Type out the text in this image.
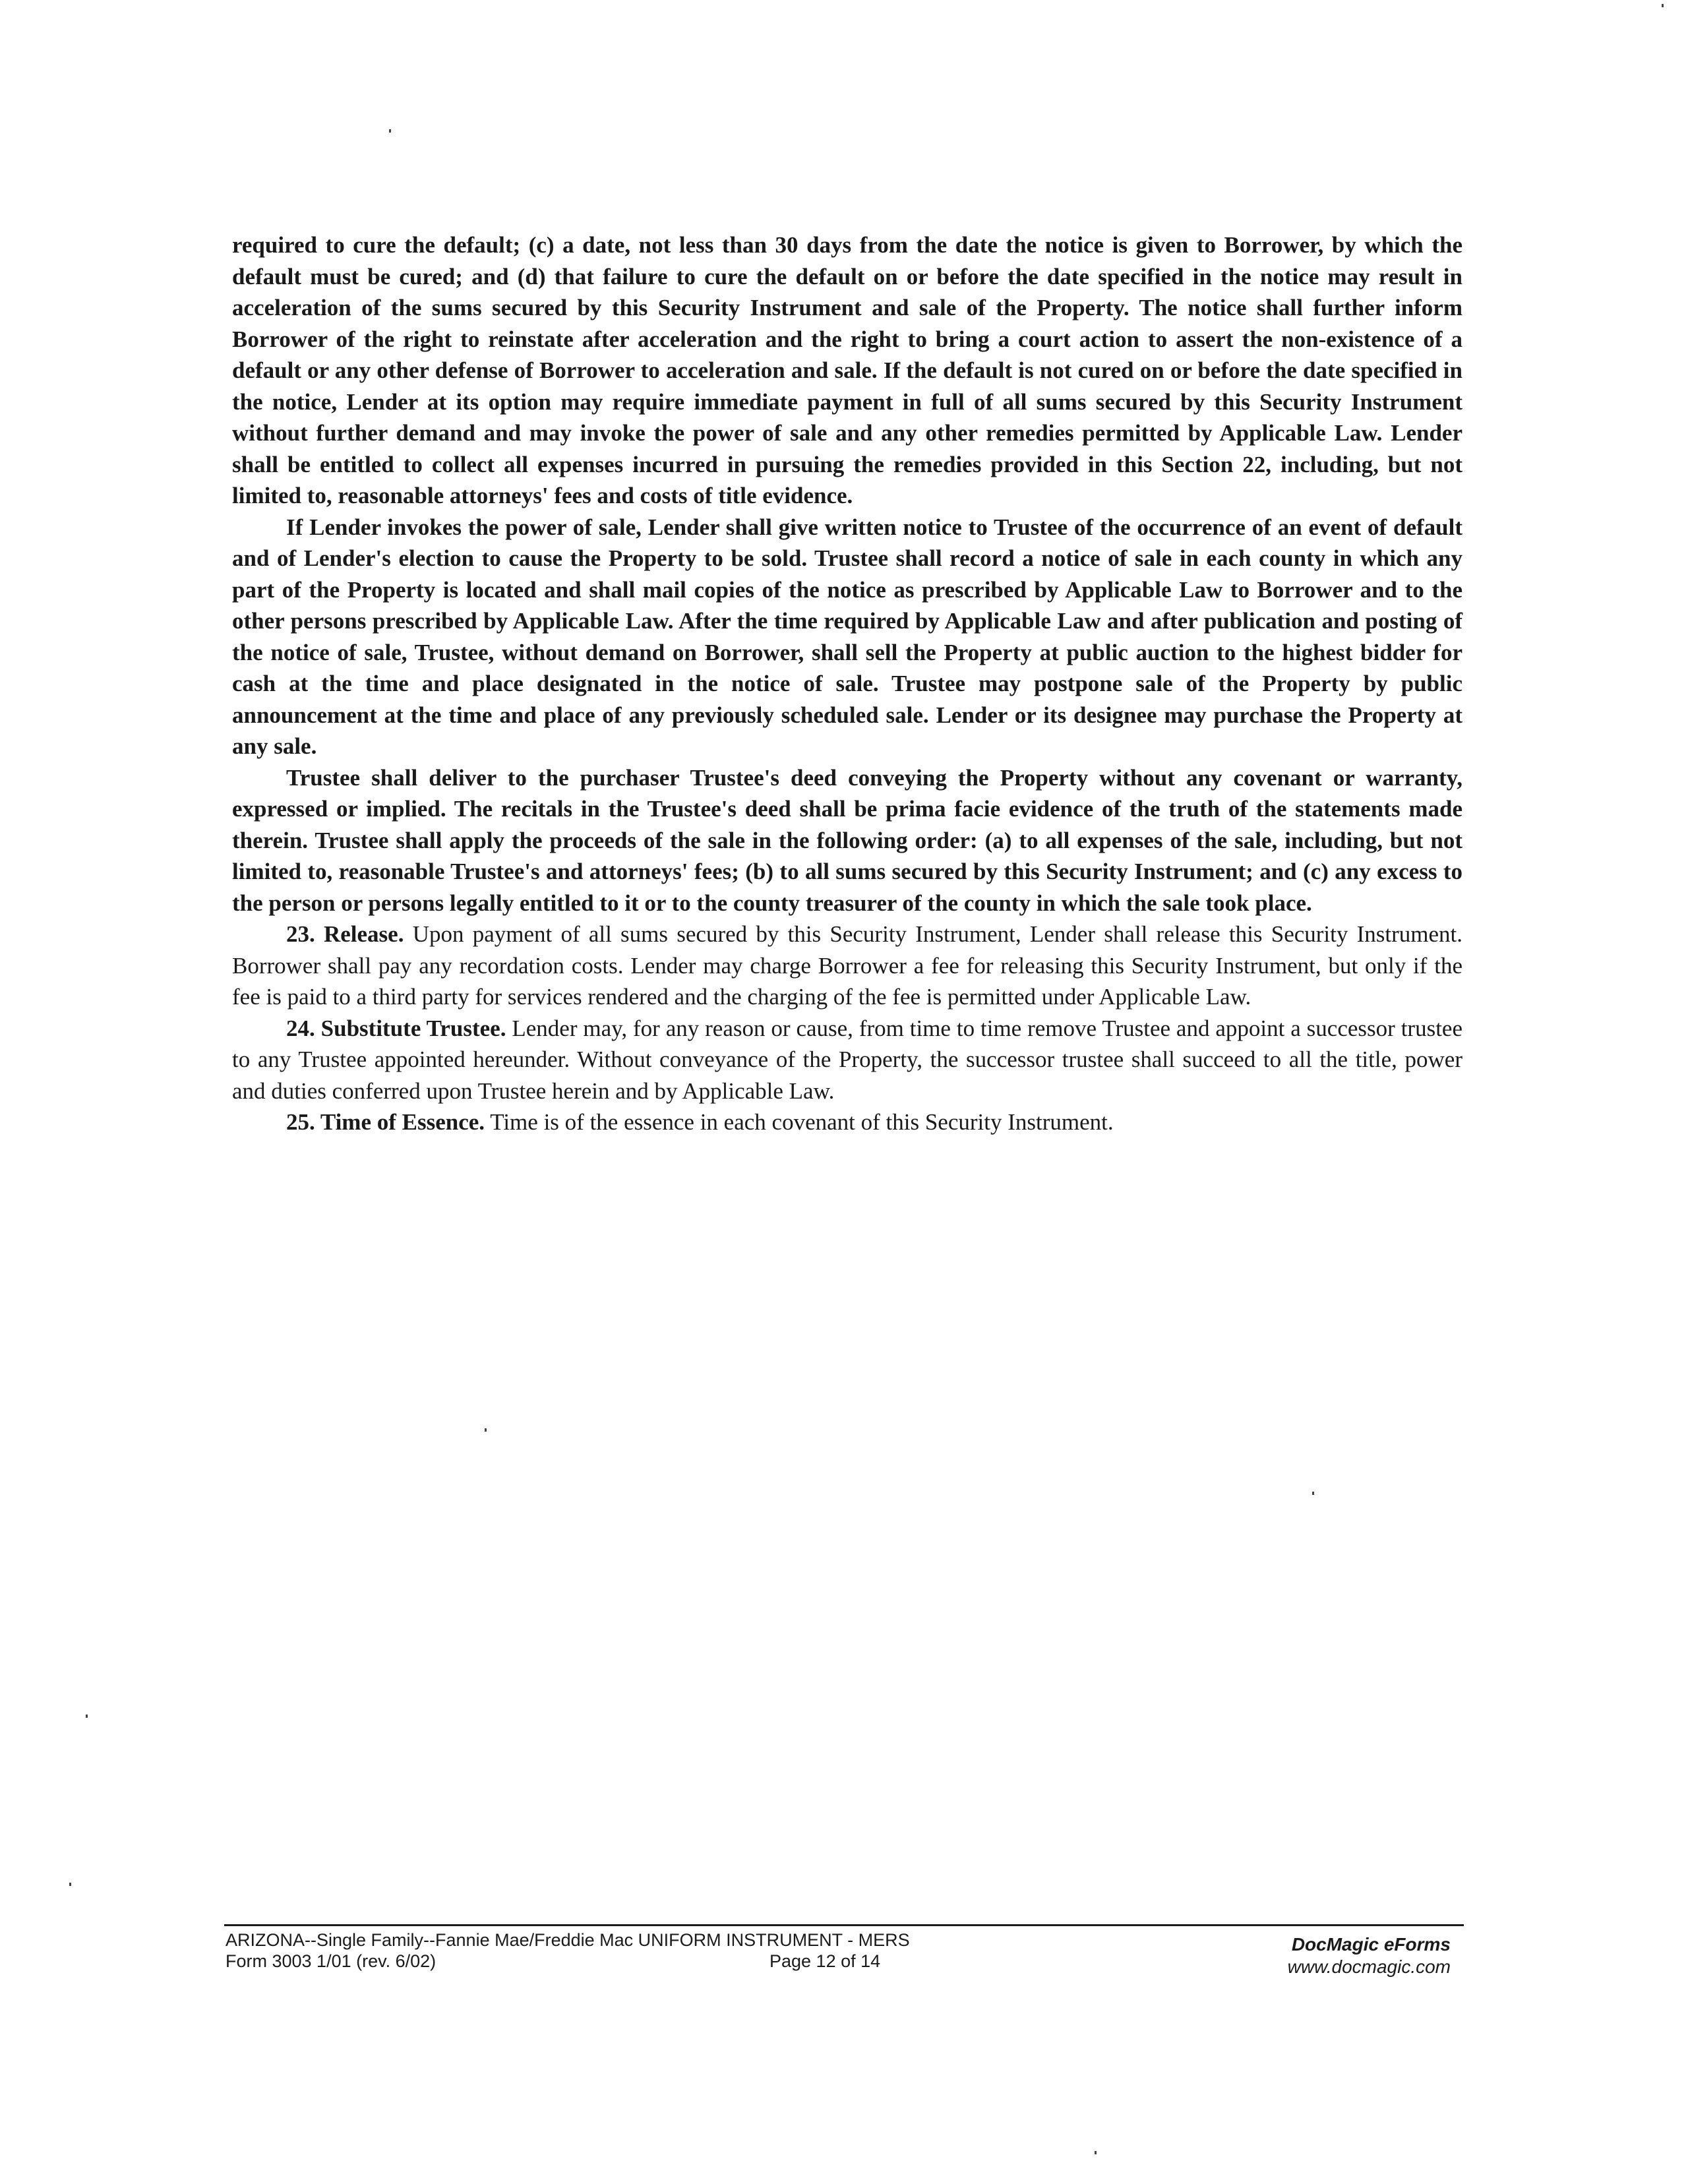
required to cure the default; (c) a date, not less than 30 days from the date the notice is given to Borrower, by which the default must be cured; and (d) that failure to cure the default on or before the date specified in the notice may result in acceleration of the sums secured by this Security Instrument and sale of the Property. The notice shall further inform Borrower of the right to reinstate after acceleration and the right to bring a court action to assert the non-existence of a default or any other defense of Borrower to acceleration and sale. If the default is not cured on or before the date specified in the notice, Lender at its option may require immediate payment in full of all sums secured by this Security Instrument without further demand and may invoke the power of sale and any other remedies permitted by Applicable Law. Lender shall be entitled to collect all expenses incurred in pursuing the remedies provided in this Section 22, including, but not limited to, reasonable attorneys' fees and costs of title evidence.

If Lender invokes the power of sale, Lender shall give written notice to Trustee of the occurrence of an event of default and of Lender's election to cause the Property to be sold. Trustee shall record a notice of sale in each county in which any part of the Property is located and shall mail copies of the notice as prescribed by Applicable Law to Borrower and to the other persons prescribed by Applicable Law. After the time required by Applicable Law and after publication and posting of the notice of sale, Trustee, without demand on Borrower, shall sell the Property at public auction to the highest bidder for cash at the time and place designated in the notice of sale. Trustee may postpone sale of the Property by public announcement at the time and place of any previously scheduled sale. Lender or its designee may purchase the Property at any sale.

Trustee shall deliver to the purchaser Trustee's deed conveying the Property without any covenant or warranty, expressed or implied. The recitals in the Trustee's deed shall be prima facie evidence of the truth of the statements made therein. Trustee shall apply the proceeds of the sale in the following order: (a) to all expenses of the sale, including, but not limited to, reasonable Trustee's and attorneys' fees; (b) to all sums secured by this Security Instrument; and (c) any excess to the person or persons legally entitled to it or to the county treasurer of the county in which the sale took place.

23. Release. Upon payment of all sums secured by this Security Instrument, Lender shall release this Security Instrument. Borrower shall pay any recordation costs. Lender may charge Borrower a fee for releasing this Security Instrument, but only if the fee is paid to a third party for services rendered and the charging of the fee is permitted under Applicable Law.

24. Substitute Trustee. Lender may, for any reason or cause, from time to time remove Trustee and appoint a successor trustee to any Trustee appointed hereunder. Without conveyance of the Property, the successor trustee shall succeed to all the title, power and duties conferred upon Trustee herein and by Applicable Law.

25. Time of Essence. Time is of the essence in each covenant of this Security Instrument.

ARIZONA--Single Family--Fannie Mae/Freddie Mac UNIFORM INSTRUMENT - MERS
Form 3003 1/01 (rev. 6/02)	Page 12 of 14
DocMagic eForms
www.docmagic.com
